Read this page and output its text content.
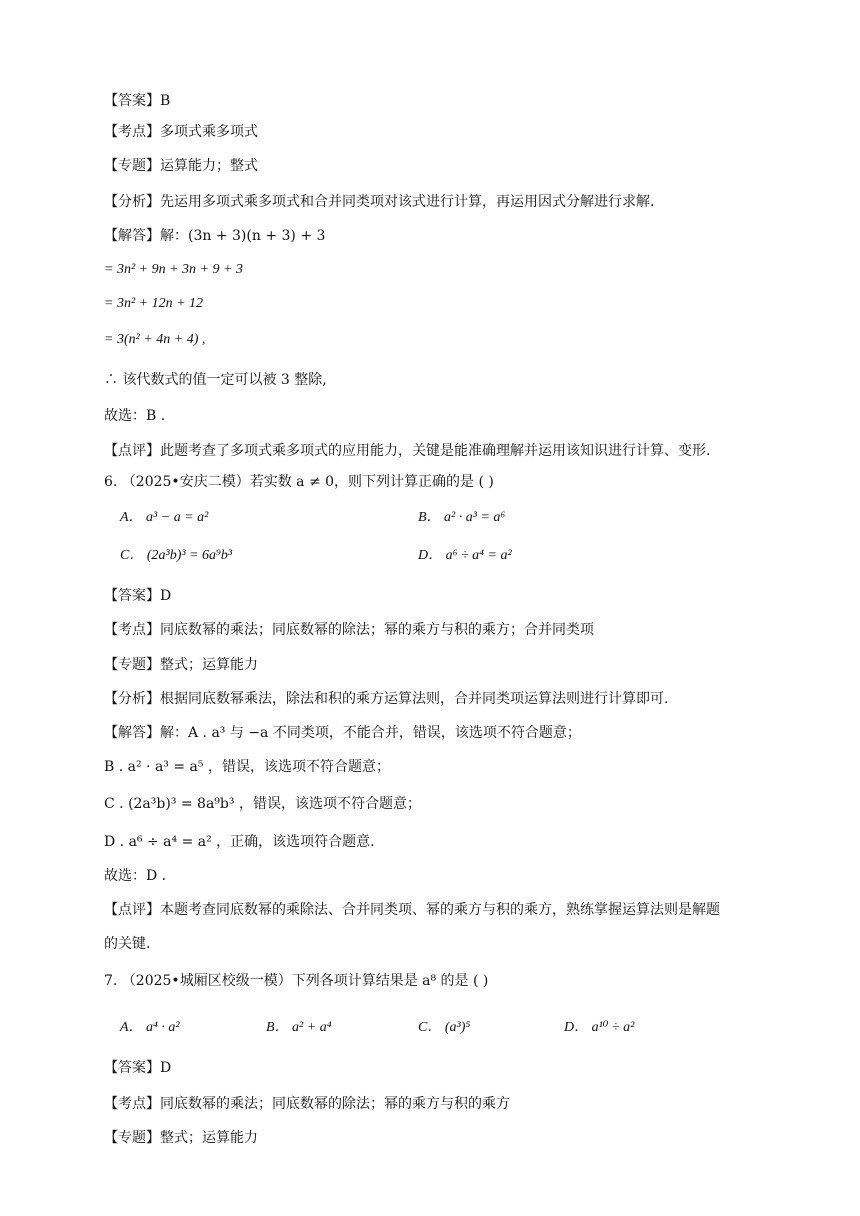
【答案】B
【考点】多项式乘多项式
【专题】运算能力；整式
【分析】先运用多项式乘多项式和合并同类项对该式进行计算，再运用因式分解进行求解.
【解答】解：(3n + 3)(n + 3) + 3
= 3n² + 9n + 3n + 9 + 3
= 3n² + 12n + 12
= 3(n² + 4n + 4) ,
∴ 该代数式的值一定可以被 3 整除,
故选：B .
【点评】此题考查了多项式乘多项式的应用能力，关键是能准确理解并运用该知识进行计算、变形.
6. （2025•安庆二模）若实数 a ≠ 0，则下列计算正确的是 ( )
A． a³ − a = a²	B． a² · a³ = a⁶
C． (2a³b)³ = 6a⁹b³	D． a⁶ ÷ a⁴ = a²
【答案】D
【考点】同底数幂的乘法；同底数幂的除法；幂的乘方与积的乘方；合并同类项
【专题】整式；运算能力
【分析】根据同底数幂乘法，除法和积的乘方运算法则，合并同类项运算法则进行计算即可.
【解答】解：A . a³ 与 −a 不同类项，不能合并，错误，该选项不符合题意；
B . a² · a³ = a⁵ ，错误，该选项不符合题意；
C . (2a³b)³ = 8a⁹b³ ，错误，该选项不符合题意；
D . a⁶ ÷ a⁴ = a² ，正确，该选项符合题意.
故选：D .
【点评】本题考查同底数幂的乘除法、合并同类项、幂的乘方与积的乘方，熟练掌握运算法则是解题
的关键.
7. （2025•城厢区校级一模）下列各项计算结果是 a⁸ 的是 ( )
A． a⁴ · a²	B． a² + a⁴	C． (a³)⁵	D． a¹⁰ ÷ a²
【答案】D
【考点】同底数幂的乘法；同底数幂的除法；幂的乘方与积的乘方
【专题】整式；运算能力
